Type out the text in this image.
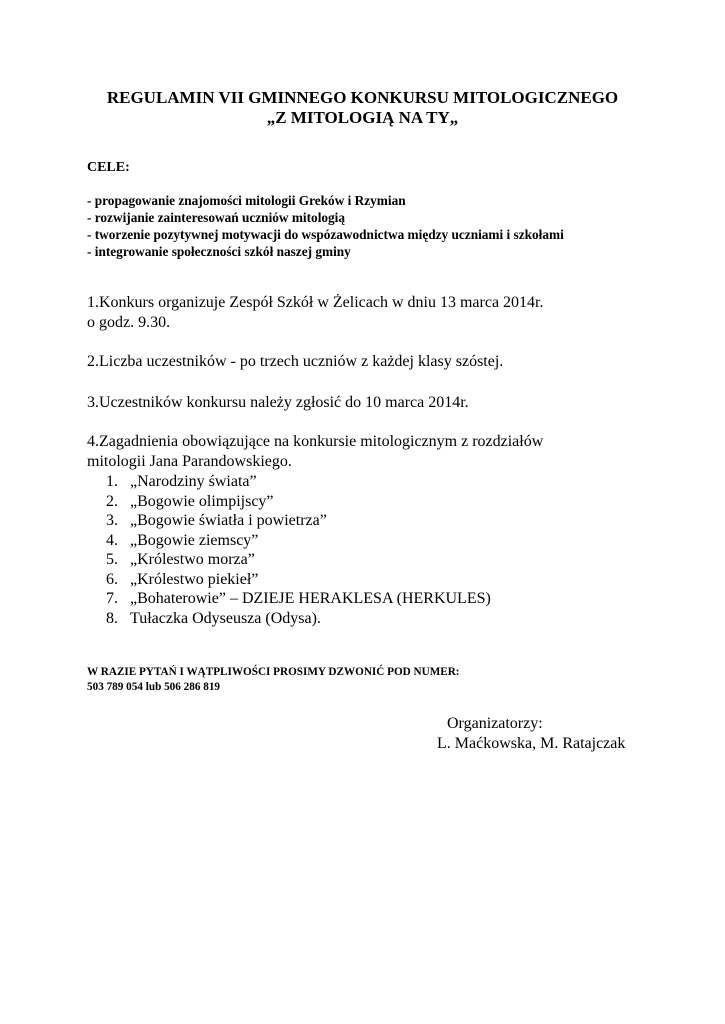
REGULAMIN VII GMINNEGO KONKURSU MITOLOGICZNEGO
„Z MITOLOGIĄ NA TY„
CELE:
- propagowanie znajomości mitologii Greków i Rzymian
- rozwijanie zainteresowań uczniów mitologią
- tworzenie pozytywnej motywacji do wspózawodnictwa między uczniami i szkołami
- integrowanie społeczności szkół naszej gminy
1.Konkurs organizuje Zespół Szkół w Żelicach w dniu 13 marca 2014r.
o godz. 9.30.
2.Liczba uczestników - po trzech uczniów z każdej klasy szóstej.
3.Uczestników konkursu należy zgłosić do 10 marca 2014r.
4.Zagadnienia obowiązujące na konkursie mitologicznym z rozdziałów
mitologii Jana Parandowskiego.
1. „Narodziny świata”
2. „Bogowie olimpijscy”
3. „Bogowie światła i powietrza”
4. „Bogowie ziemscy”
5. „Królestwo morza”
6. „Królestwo piekieł”
7. „Bohaterowie” – DZIEJE HERAKLESA (HERKULES)
8. Tułaczka Odyseusza (Odysa).
W RAZIE PYTAŃ I WĄTPLIWOŚCI PROSIMY DZWONIĆ POD NUMER:
503 789 054 lub 506 286 819
Organizatorzy:
L. Maćkowska, M. Ratajczak
